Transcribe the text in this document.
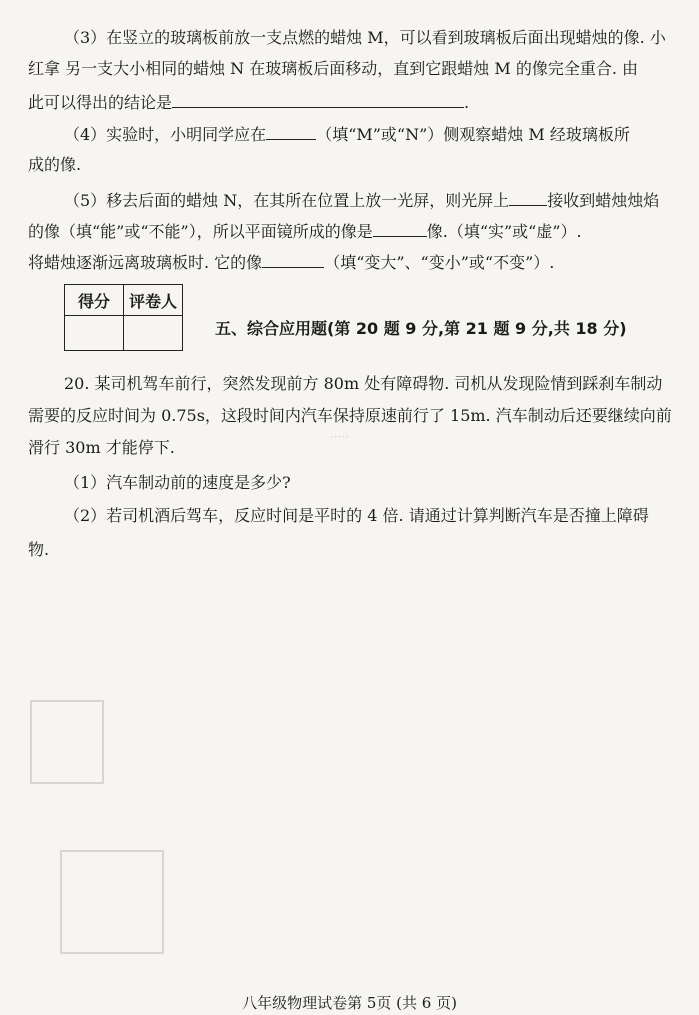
·····
（3）在竖立的玻璃板前放一支点燃的蜡烛 M，可以看到玻璃板后面出现蜡烛的像. 小
红拿 另一支大小相同的蜡烛 N 在玻璃板后面移动，直到它跟蜡烛 M 的像完全重合. 由
此可以得出的结论是	.
（4）实验时，小明同学应在	（填“M”或“N”）侧观察蜡烛 M 经玻璃板所
成的像.
（5）移去后面的蜡烛 N，在其所在位置上放一光屏，则光屏上 接收到蜡烛烛焰
的像（填“能”或“不能”），所以平面镜所成的像是	像.（填“实”或“虚”）.
将蜡烛逐渐远离玻璃板时. 它的像	（填“变大”、“变小”或“不变”）.
得分	评卷人

五、综合应用题(第 20 题 9 分,第 21 题 9 分,共 18 分)
20. 某司机驾车前行，突然发现前方 80m 处有障碍物. 司机从发现险情到踩刹车制动
需要的反应时间为 0.75s，这段时间内汽车保持原速前行了 15m. 汽车制动后还要继续向前
滑行 30m 才能停下.
（1）汽车制动前的速度是多少?
（2）若司机酒后驾车，反应时间是平时的 4 倍. 请通过计算判断汽车是否撞上障碍
物.
八年级物理试卷第 5页 (共 6 页)
